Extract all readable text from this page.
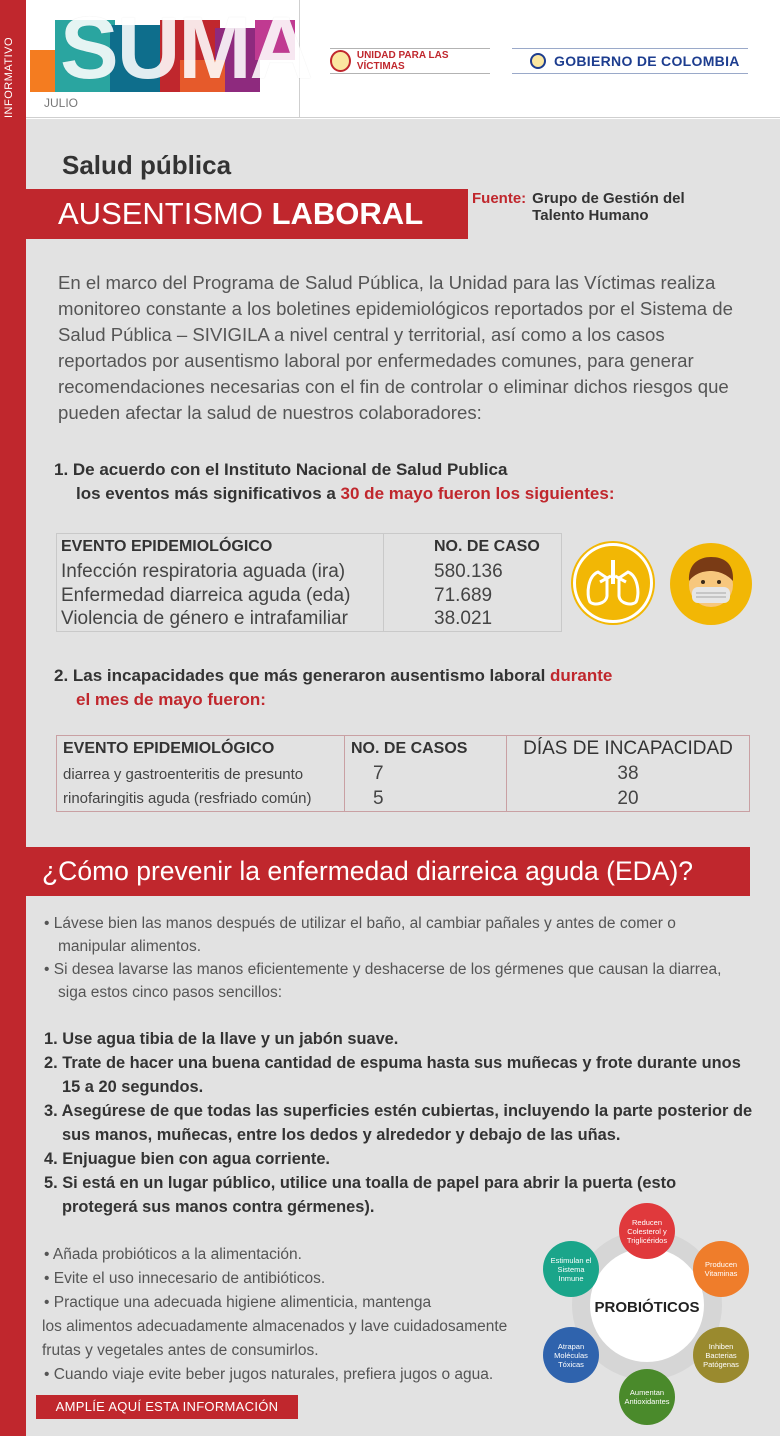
SUMA
JULIO
UNIDAD PARA LAS VÍCTIMAS	GOBIERNO DE COLOMBIA
INFORMATIVO
Salud pública
AUSENTISMO LABORAL	Fuente: Grupo de Gestión del
Talento Humano

En el marco del Programa de Salud Pública, la Unidad para las Víctimas realiza monitoreo constante a los boletines epidemiológicos reportados por el Sistema de Salud Pública – SIVIGILA a nivel central y territorial, así como a los casos reportados por ausentismo laboral por enfermedades comunes, para generar recomendaciones necesarias con el fin de controlar o eliminar dichos riesgos que pueden afectar la salud de nuestros colaboradores:

1. De acuerdo con el Instituto Nacional de Salud Publica
los eventos más significativos a 30 de mayo fueron los siguientes:
EVENTO EPIDEMIOLÓGICO	NO. DE CASO
Infección respiratoria aguada (ira)	580.136
Enfermedad diarreica aguda (eda)	71.689
Violencia de género e intrafamiliar	38.021
2. Las incapacidades que más generaron ausentismo laboral durante
el mes de mayo fueron:
EVENTO EPIDEMIOLÓGICO	NO. DE CASOS	DÍAS DE INCAPACIDAD
diarrea y gastroenteritis de presunto	7	38
rinofaringitis aguda (resfriado común)	5	20
¿Cómo prevenir la enfermedad diarreica aguda (EDA)?
• Lávese bien las manos después de utilizar el baño, al cambiar pañales y antes de comer o manipular alimentos.
• Si desea lavarse las manos eficientemente y deshacerse de los gérmenes que causan la diarrea, siga estos cinco pasos sencillos:
1. Use agua tibia de la llave y un jabón suave.
2. Trate de hacer una buena cantidad de espuma hasta sus muñecas y frote durante unos 15 a 20 segundos.
3. Asegúrese de que todas las superficies estén cubiertas, incluyendo la parte posterior de sus manos, muñecas, entre los dedos y alrededor y debajo de las uñas.
4. Enjuague bien con agua corriente.
5. Si está en un lugar público, utilice una toalla de papel para abrir la puerta (esto protegerá sus manos contra gérmenes).
• Añada probióticos a la alimentación.
• Evite el uso innecesario de antibióticos.
• Practique una adecuada higiene alimenticia, mantenga
los alimentos adecuadamente almacenados y lave cuidadosamente frutas y vegetales antes de consumirlos.
• Cuando viaje evite beber jugos naturales, prefiera jugos o agua.
AMPLÍE AQUÍ ESTA INFORMACIÓN
PROBIÓTICOS
Reducen Colesterol y Triglicéridos
Producen Vitaminas
Inhiben Bacterias Patógenas
Aumentan Antioxidantes
Atrapan Moléculas Tóxicas
Estimulan el Sistema Inmune
